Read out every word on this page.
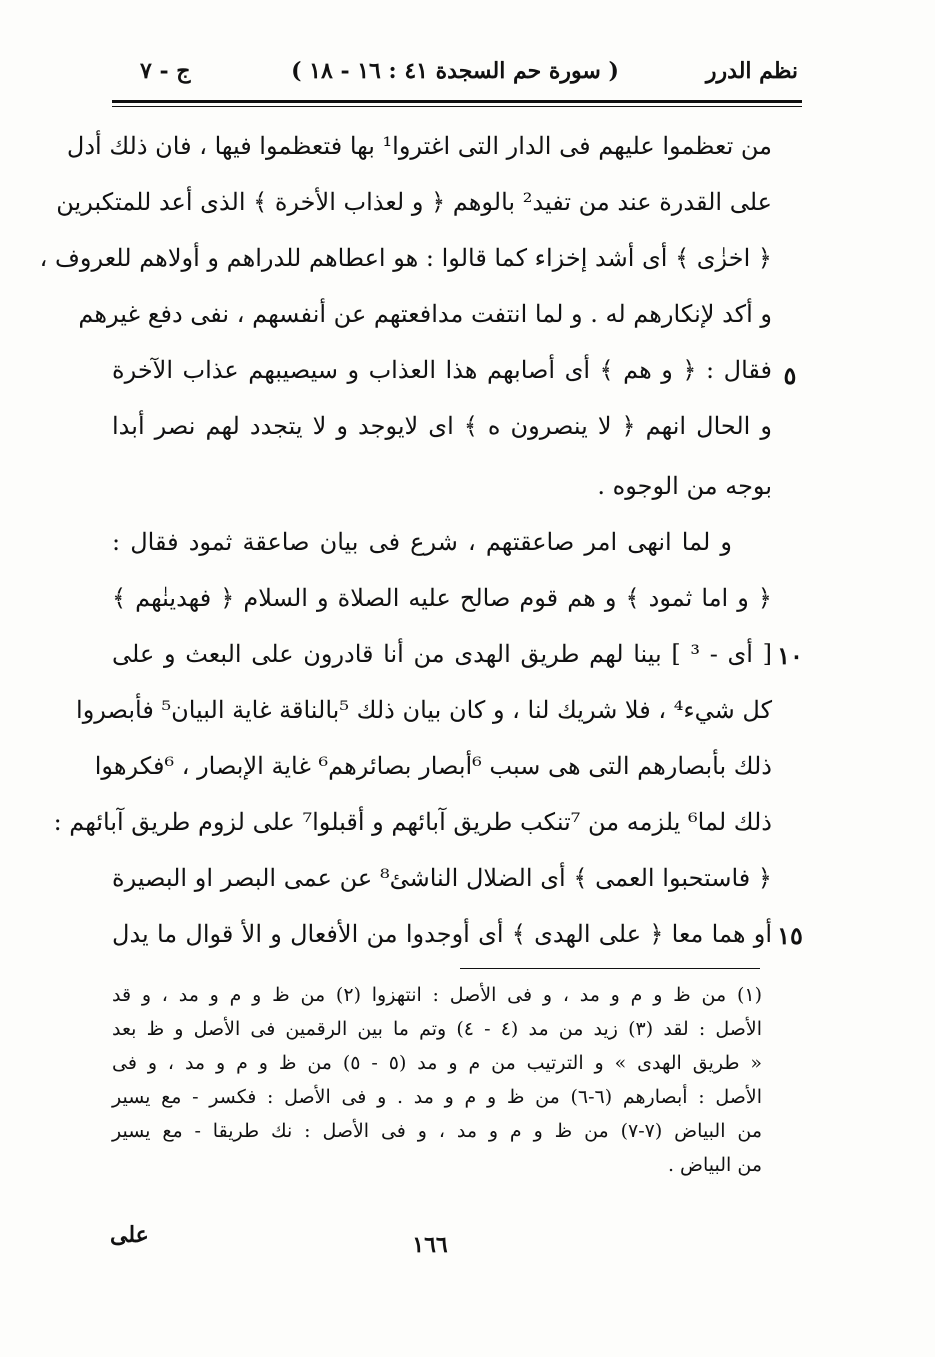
نظم الدرر
( سورة حم السجدة ٤١ : ١٦ - ١٨ )
ج - ٧
من تعظموا عليهم فى الدار التى اغتروا¹ بها فتعظموا فيها ، فان ذلك أدل
على القدرة عند من تفيد² بالوهم ﴿ و لعذاب الأخرة ﴾ الذى أعد للمتكبرين
﴿ اخزٰى ﴾ أى أشد إخزاء كما قالوا : هو اعطاهم للدراهم و أولاهم للعروف ،
و أكد لإنكارهم له . و لما انتفت مدافعتهم عن أنفسهم ، نفى دفع غيرهم
فقال : ﴿ و هم ﴾ أى أصابهم هذا العذاب و سيصيبهم عذاب الآخرة
و الحال انهم ﴿ لا ينصرون ه ﴾ اى لايوجد و لا يتجدد لهم نصر أبدا
بوجه من الوجوه .
و لما انهى امر صاعقتهم ، شرع فى بيان صاعقة ثمود فقال :
﴿ و اما ثمود ﴾ و هم قوم صالح عليه الصلاة و السلام ﴿ فهدينٰهم ﴾
[ أى - ³ ] بينا لهم طريق الهدى من أنا قادرون على البعث و على
كل شيء⁴ ، فلا شريك لنا ، و كان بيان ذلك ⁵بالناقة غاية البيان⁵ فأبصروا
ذلك بأبصارهم التى هى سبب ⁶أبصار بصائرهم⁶ غاية الإبصار ، ⁶فكرهوا
ذلك لما⁶ يلزمه من ⁷تنكب طريق آبائهم و أقبلوا⁷ على لزوم طريق آبائهم :
﴿ فاستحبوا العمى ﴾ أى الضلال الناشئ⁸ عن عمى البصر او البصيرة
أو هما معا ﴿ على الهدى ﴾ أى أوجدوا من الأفعال و الأ قوال ما يدل
٥
١٠
١٥
(١) من ظ و م و مد ، و فى الأصل : انتهزوا (٢) من ظ و م و مد ، و قد
الأصل : لقد (٣) زيد من مد (٤ - ٤) وتم ما بين الرقمين فى الأصل و ظ بعد
« طريق الهدى » و الترتيب من م و مد (٥ - ٥) من ظ و م و مد ، و فى
الأصل : أبصارهم (٦-٦) من ظ و م و مد . و فى الأصل : فكسر - مع يسير
من البياض (٧-٧) من ظ و م و مد ، و فى الأصل : نك طريقا - مع يسير
من البياض .
١٦٦
على
